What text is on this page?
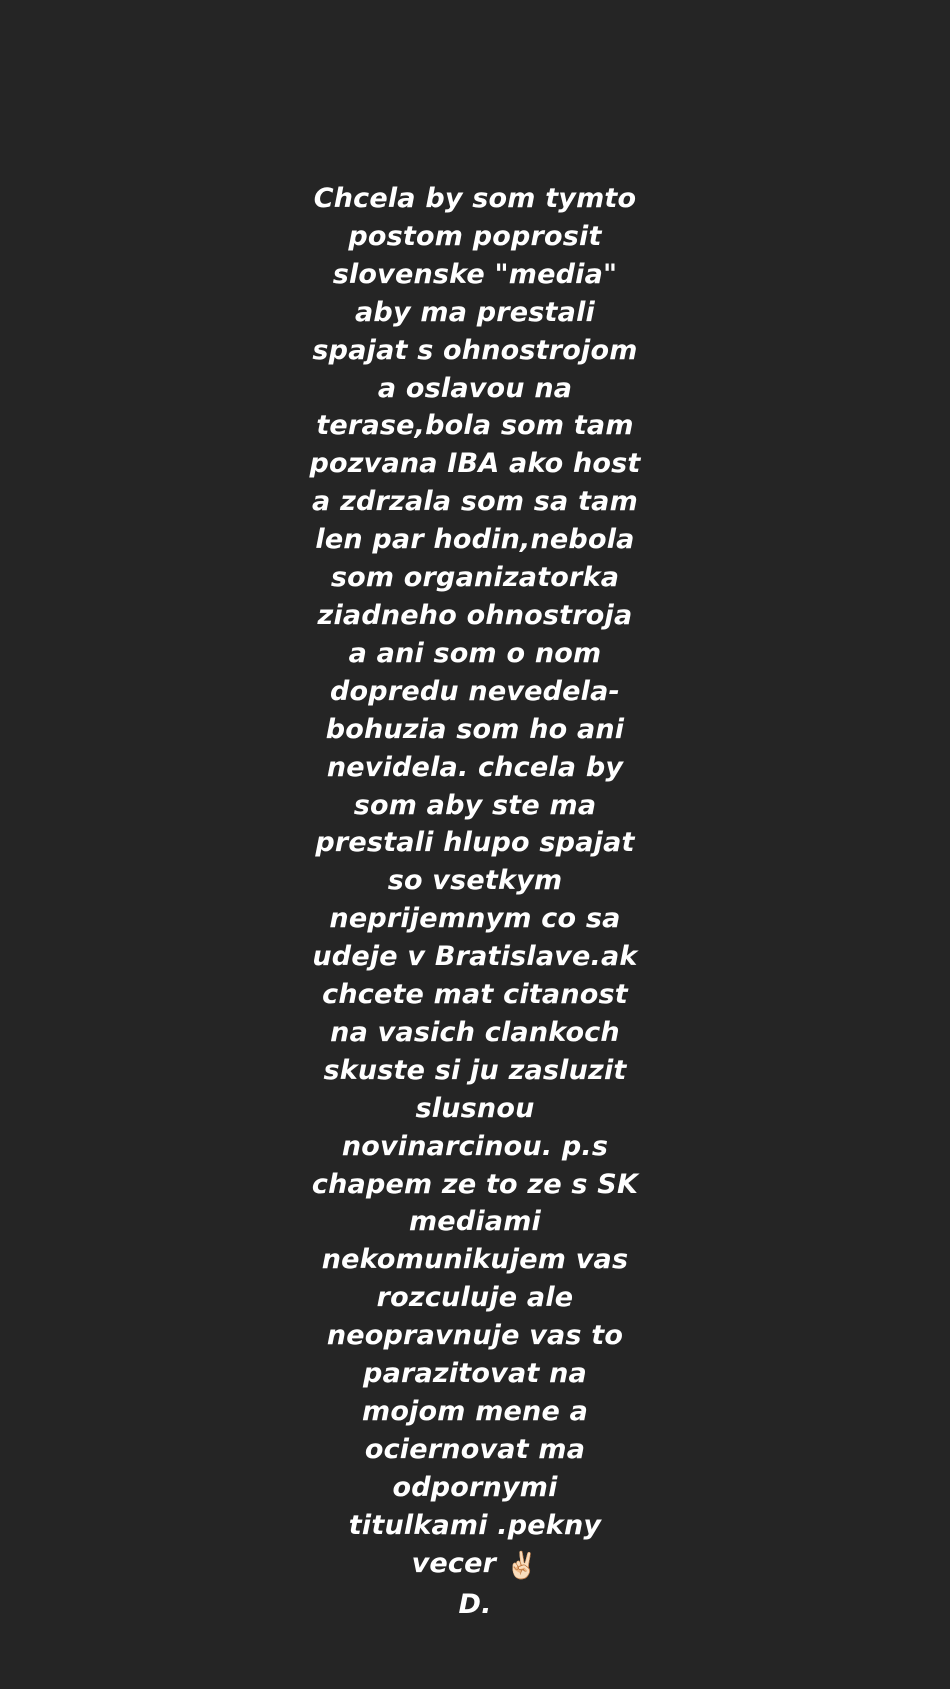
Chcela by som tymto
postom poprosit
slovenske "media"
aby ma prestali
spajat s ohnostrojom
a oslavou na
terase,bola som tam
pozvana IBA ako host
a zdrzala som sa tam
len par hodin,nebola
som organizatorka
ziadneho ohnostroja
a ani som o nom
dopredu nevedela-
bohuzia som ho ani
nevidela. chcela by
som aby ste ma
prestali hlupo spajat
so vsetkym
neprijemnym co sa
udeje v Bratislave.ak
chcete mat citanost
na vasich clankoch
skuste si ju zasluzit
slusnou
novinarcinou. p.s
chapem ze to ze s SK
mediami
nekomunikujem vas
rozculuje ale
neopravnuje vas to
parazitovat na
mojom mene a
ociernovat ma
odpornymi
titulkami .pekny
vecer ✌🏻
D.
